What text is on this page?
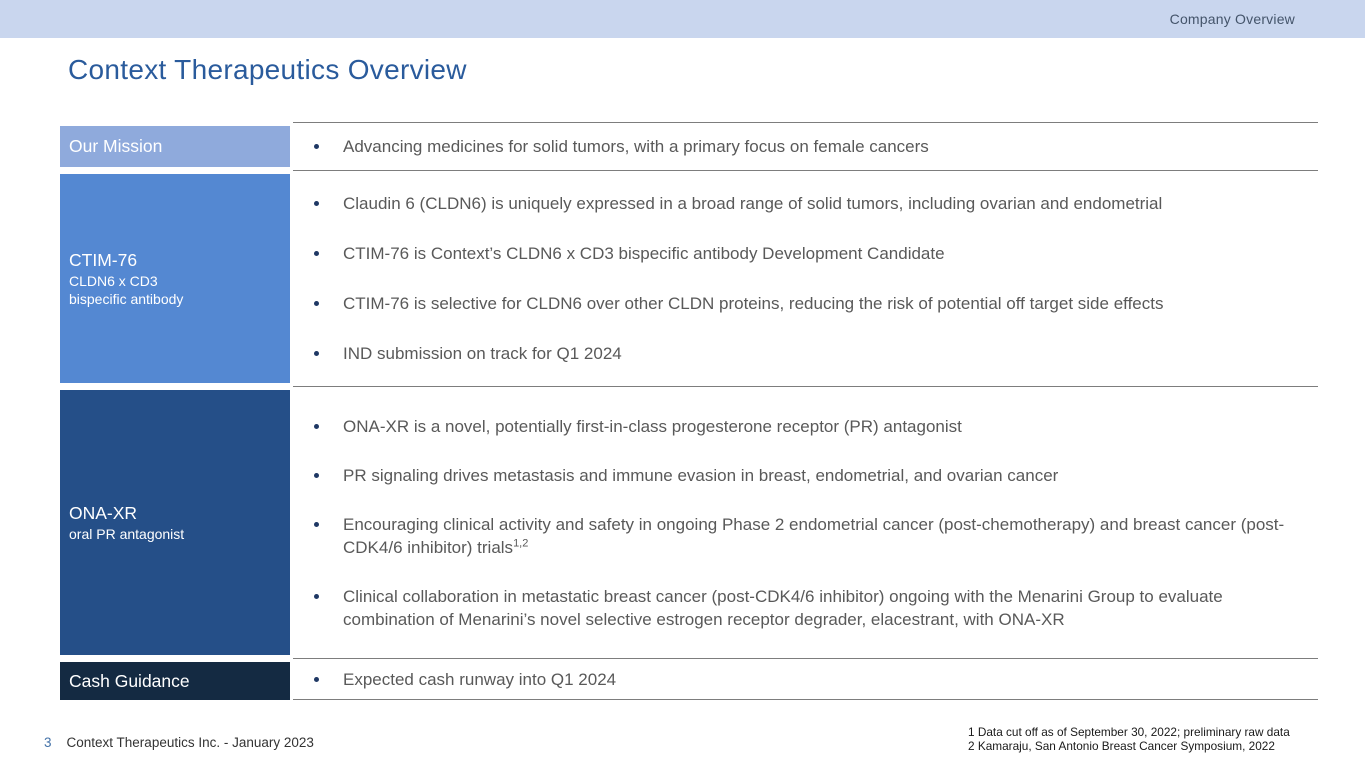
Company Overview
Context Therapeutics Overview
Our Mission	Advancing medicines for solid tumors, with a primary focus on female cancers
CTIM-76
CLDN6 x CD3
bispecific antibody
Claudin 6 (CLDN6) is uniquely expressed in a broad range of solid tumors, including ovarian and endometrial
CTIM-76 is Context’s CLDN6 x CD3 bispecific antibody Development Candidate
CTIM-76 is selective for CLDN6 over other CLDN proteins, reducing the risk of potential off target side effects
IND submission on track for Q1 2024
ONA-XR
oral PR antagonist
ONA-XR is a novel, potentially first-in-class progesterone receptor (PR) antagonist
PR signaling drives metastasis and immune evasion in breast, endometrial, and ovarian cancer
Encouraging clinical activity and safety in ongoing Phase 2 endometrial cancer (post-chemotherapy) and breast cancer (post-CDK4/6 inhibitor) trials$^{1,2}$
Clinical collaboration in metastatic breast cancer (post-CDK4/6 inhibitor) ongoing with the Menarini Group to evaluate combination of Menarini’s novel selective estrogen receptor degrader, elacestrant, with ONA-XR
Cash Guidance	Expected cash runway into Q1 2024
3 Context Therapeutics Inc. - January 2023
1 Data cut off as of September 30, 2022; preliminary raw data
2 Kamaraju, San Antonio Breast Cancer Symposium, 2022
